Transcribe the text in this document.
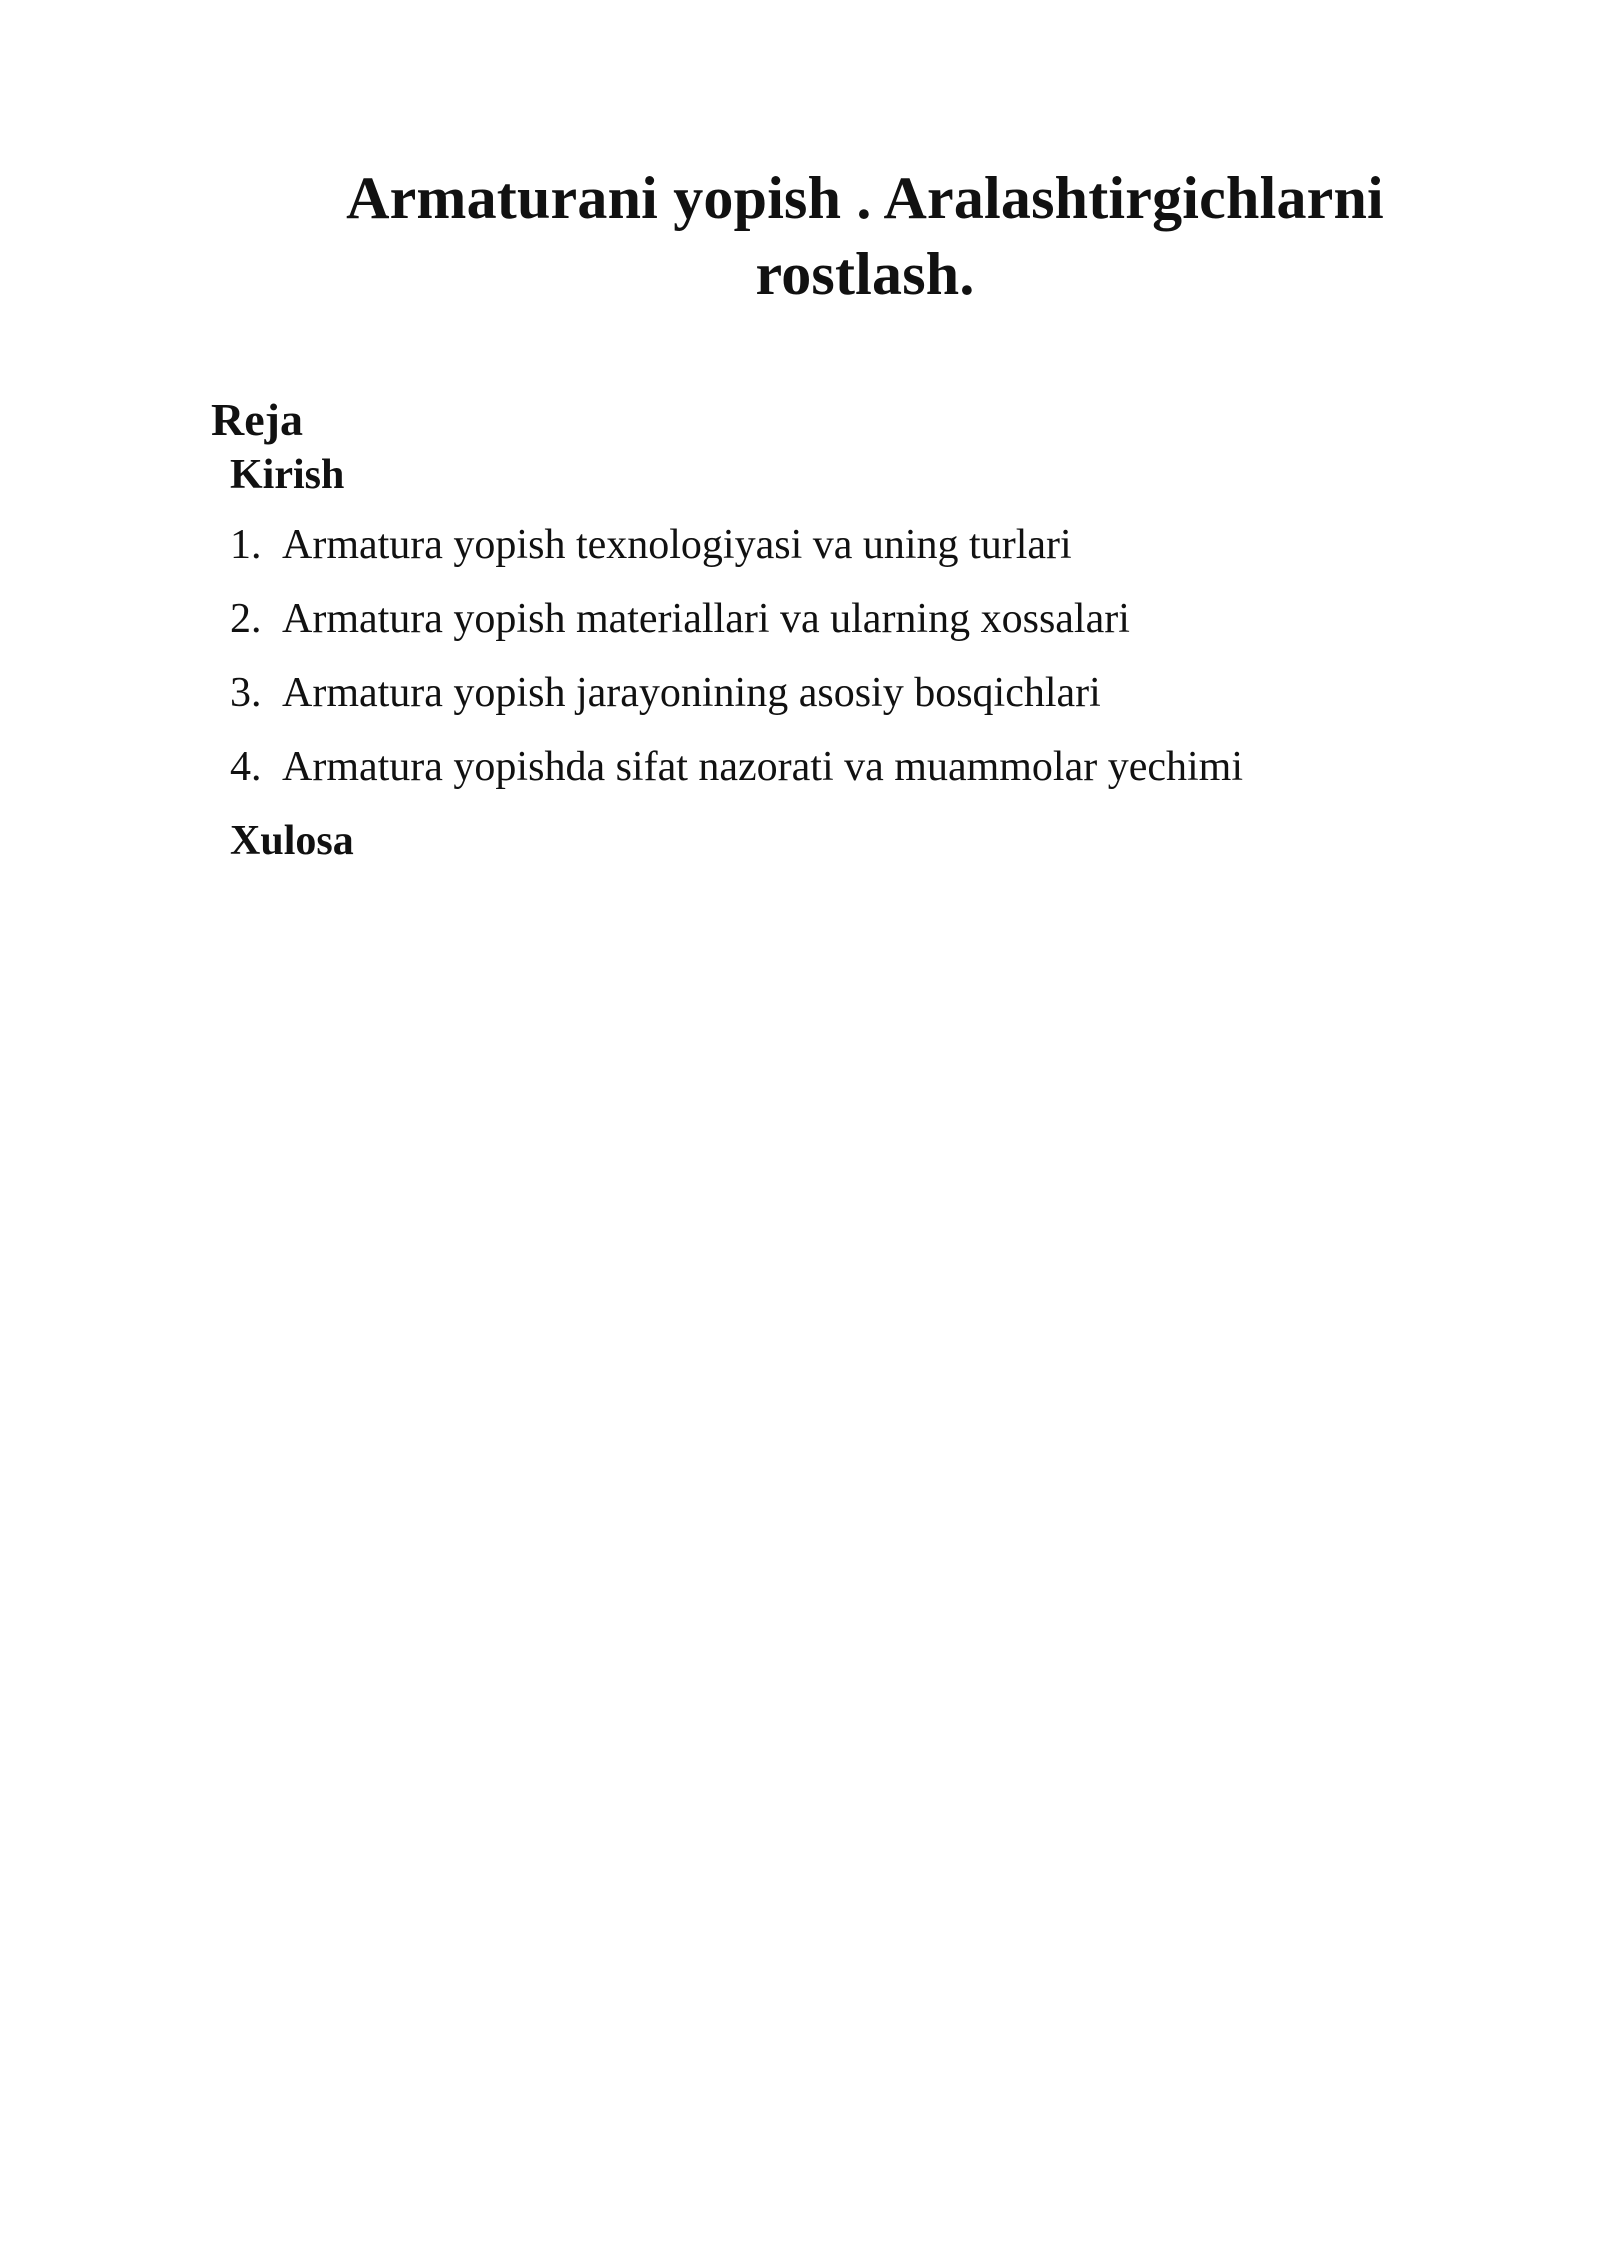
Armaturani yopish . Aralashtirgichlarni
rostlash.
Reja
Kirish
1. Armatura yopish texnologiyasi va uning turlari
2. Armatura yopish materiallari va ularning xossalari
3. Armatura yopish jarayonining asosiy bosqichlari
4. Armatura yopishda sifat nazorati va muammolar yechimi
Xulosa
